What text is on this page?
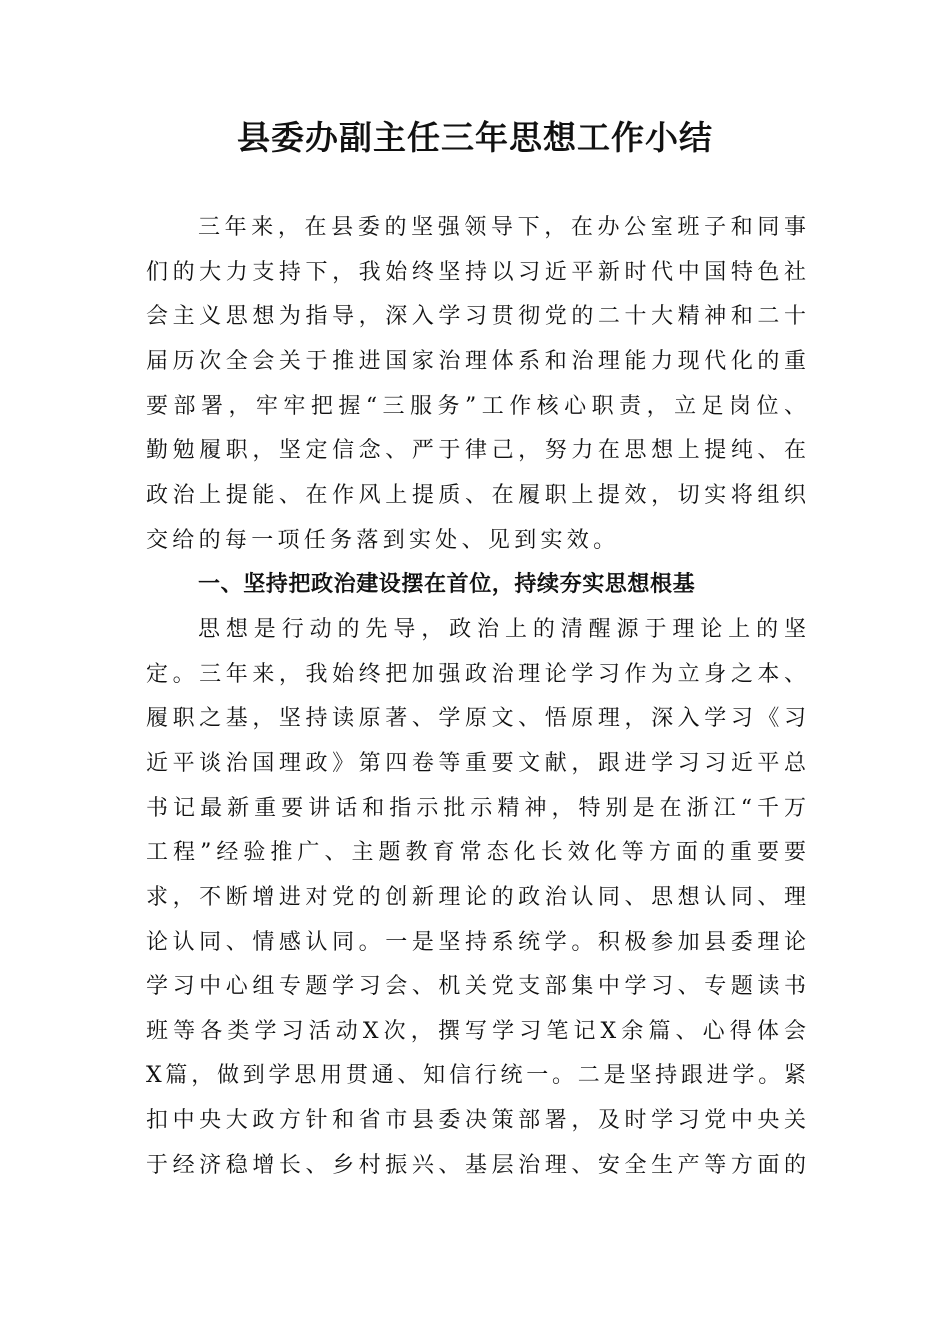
县委办副主任三年思想工作小结
三年来，在县委的坚强领导下，在办公室班子和同事
们的大力支持下，我始终坚持以习近平新时代中国特色社
会主义思想为指导，深入学习贯彻党的二十大精神和二十
届历次全会关于推进国家治理体系和治理能力现代化的重
要部署，牢牢把握“三服务”工作核心职责，立足岗位、
勤勉履职，坚定信念、严于律己，努力在思想上提纯、在
政治上提能、在作风上提质、在履职上提效，切实将组织
交给的每一项任务落到实处、见到实效。
一、坚持把政治建设摆在首位，持续夯实思想根基
思想是行动的先导，政治上的清醒源于理论上的坚
定。三年来，我始终把加强政治理论学习作为立身之本、
履职之基，坚持读原著、学原文、悟原理，深入学习《习
近平谈治国理政》第四卷等重要文献，跟进学习习近平总
书记最新重要讲话和指示批示精神，特别是在浙江“千万
工程”经验推广、主题教育常态化长效化等方面的重要要
求，不断增进对党的创新理论的政治认同、思想认同、理
论认同、情感认同。一是坚持系统学。积极参加县委理论
学习中心组专题学习会、机关党支部集中学习、专题读书
班等各类学习活动X次，撰写学习笔记X余篇、心得体会
X篇，做到学思用贯通、知信行统一。二是坚持跟进学。紧
扣中央大政方针和省市县委决策部署，及时学习党中央关
于经济稳增长、乡村振兴、基层治理、安全生产等方面的
